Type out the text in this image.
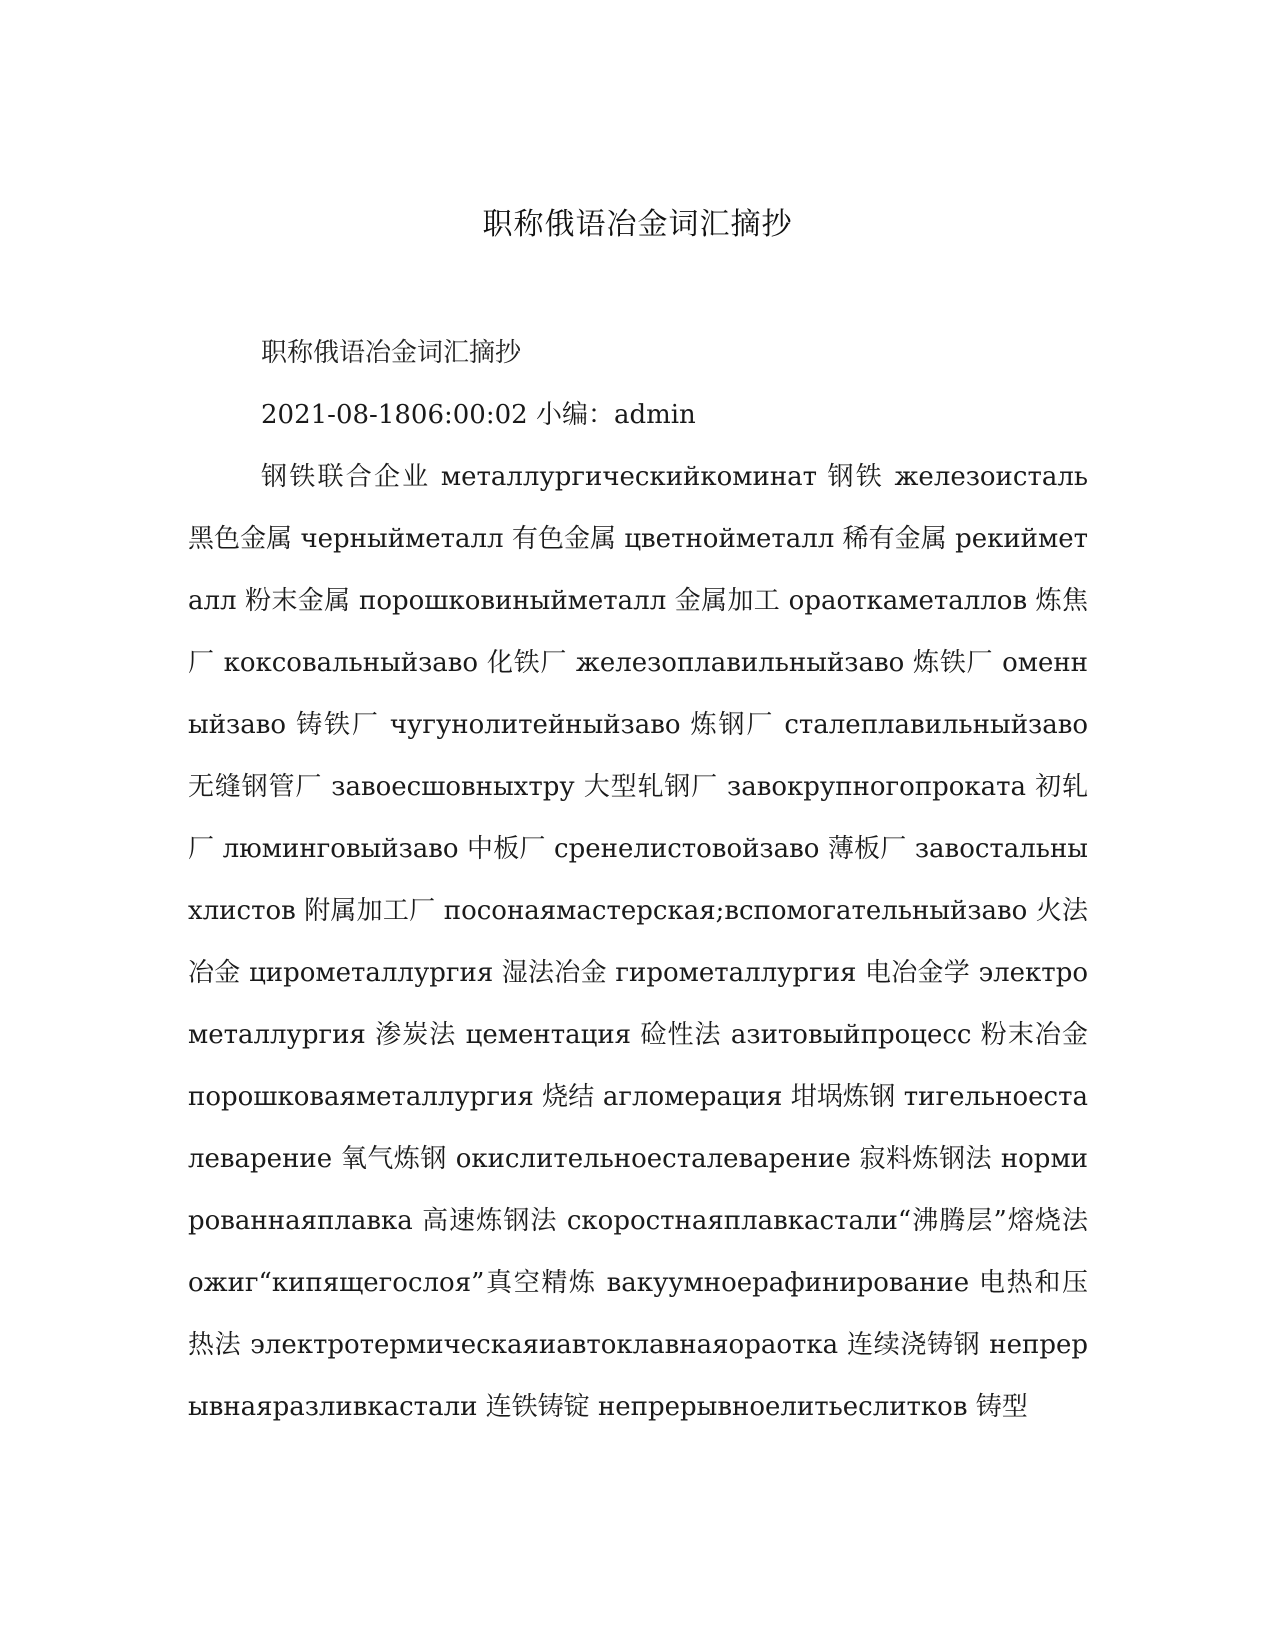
职称俄语冶金词汇摘抄

职称俄语冶金词汇摘抄

2021-08-1806:00:02 小编：admin

钢铁联合企业 металлургическийкоминат 钢铁 железоисталь 黑色金属 черныйметалл 有色金属 цветнойметалл 稀有金属 рекийметалл 粉末金属 порошковиныйметалл 金属加工 ораоткаметаллов 炼焦厂 коксовальныйзаво 化铁厂 железоплавильныйзаво 炼铁厂 оменныйзаво 铸铁厂 чугунолитейныйзаво 炼钢厂 сталеплавильныйзаво 无缝钢管厂 завоесшовныхтру 大型轧钢厂 завокрупногопроката 初轧厂 люминговыйзаво 中板厂 сренелистовойзаво 薄板厂 завостальныхлистов 附属加工厂 посонаямастерская;вспомогательныйзаво 火法冶金 цирометаллургия 湿法冶金 гирометаллургия 电冶金学 электрометаллургия 渗炭法 цементация 硷性法 азитовыйпроцесс 粉末冶金 порошковаяметаллургия 烧结 агломерация 坩埚炼钢 тигельноесталеварение 氧气炼钢 окислительноесталеварение 寂料炼钢法 нормированнаяплавка 高速炼钢法 скоростнаяплавкастали“沸腾层”熔烧法 ожиг“кипящегослоя”真空精炼 вакуумноерафинирование 电热和压热法 электротермическаяиавтоклавнаяораотка 连续浇铸钢 непрерывнаяразливкастали 连铁铸锭 непрерывноелитьеслитков 铸型
